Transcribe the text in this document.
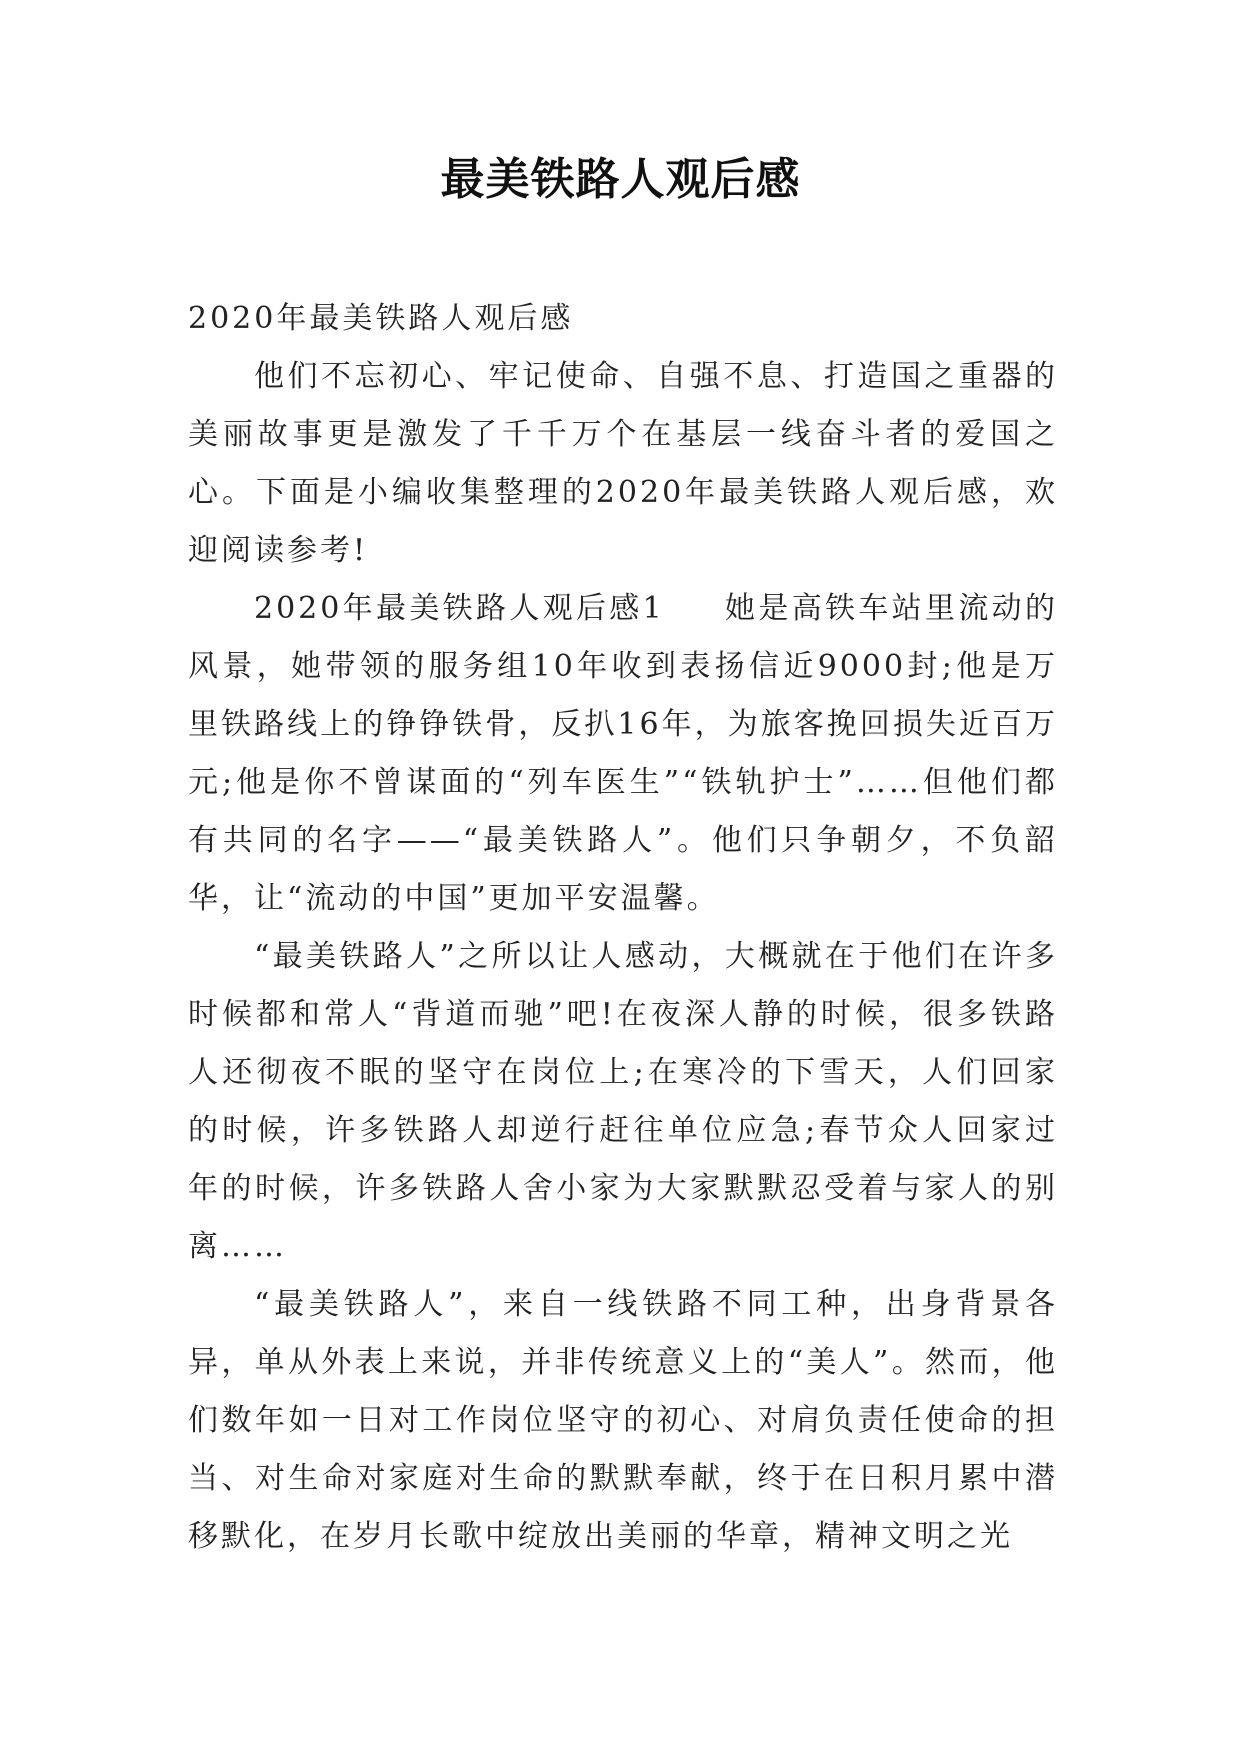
最美铁路人观后感

2020年最美铁路人观后感

他们不忘初心、牢记使命、自强不息、打造国之重器的美丽故事更是激发了千千万个在基层一线奋斗者的爱国之心。下面是小编收集整理的2020年最美铁路人观后感，欢迎阅读参考!

2020年最美铁路人观后感1 她是高铁车站里流动的风景，她带领的服务组10年收到表扬信近9000封;他是万里铁路线上的铮铮铁骨，反扒16年，为旅客挽回损失近百万元;他是你不曾谋面的“列车医生”“铁轨护士”……但他们都有共同的名字——“最美铁路人”。他们只争朝夕，不负韶华，让“流动的中国”更加平安温馨。

“最美铁路人”之所以让人感动，大概就在于他们在许多时候都和常人“背道而驰”吧!在夜深人静的时候，很多铁路人还彻夜不眠的坚守在岗位上;在寒冷的下雪天，人们回家的时候，许多铁路人却逆行赶往单位应急;春节众人回家过年的时候，许多铁路人舍小家为大家默默忍受着与家人的别离……

“最美铁路人”，来自一线铁路不同工种，出身背景各异，单从外表上来说，并非传统意义上的“美人”。然而，他们数年如一日对工作岗位坚守的初心、对肩负责任使命的担当、对生命对家庭对生命的默默奉献，终于在日积月累中潜移默化，在岁月长歌中绽放出美丽的华章，精神文明之光
